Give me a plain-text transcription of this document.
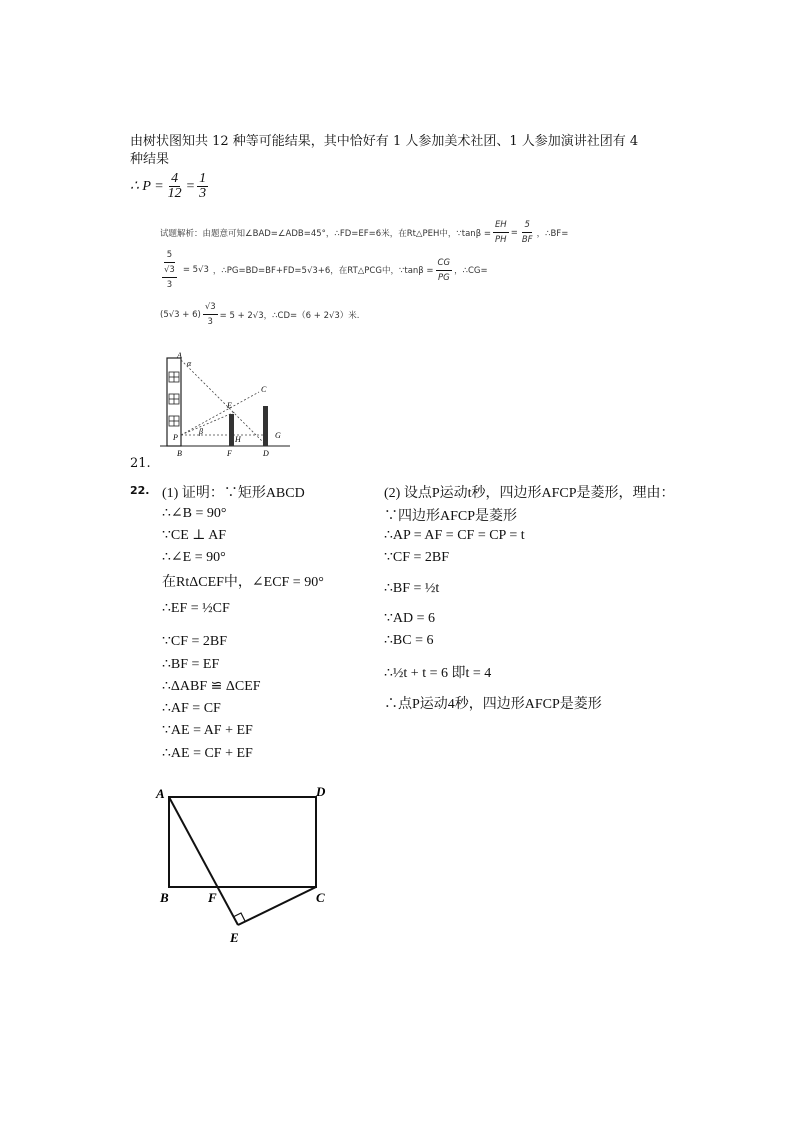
由树状图知共 12 种等可能结果，其中恰好有 1 人参加美术社团、1 人参加演讲社团有 4
种结果
∴ $P = \frac{4}{12} = \frac{1}{3}$
试题解析：由题意可知∠BAD=∠ADB=45°，∴FD=EF=6米，在Rt△PEH中，∵tanβ = $\frac{EH}{PH} = \frac{5}{BF}$ ，∴BF=
5
√3
3 = 5√3 ，∴PG=BD=BF+FD=5√3+6，在RT△PCG中，∵tanβ = $\frac{CG}{PG}$ ，∴CG=
$(5√3 + 6) \frac{√3}{3} = 5 + 2√3$，∴CD=（6 + 2√3）米.
A
α
C
E
β
P	H	G
B	F	D
21.
22. (1) 证明：∵矩形ABCD
∴∠B = 90°
∵CE ⊥ AF
∴∠E = 90°
在RtΔCEF中，∠ECF = 90°
∴EF = ½CF
∵CF = 2BF
∴BF = EF
∴ΔABF ≌ ΔCEF
∴AF = CF
∵AE = AF + EF
∴AE = CF + EF
(2) 设点P运动t秒，四边形AFCP是菱形，理由：
∵四边形AFCP是菱形
∴AP = AF = CF = CP = t
∵CF = 2BF
∴BF = ½t
∵AD = 6
∴BC = 6
∴½t + t = 6 即t = 4
∴点P运动4秒，四边形AFCP是菱形
A	D
B	F	C
E
